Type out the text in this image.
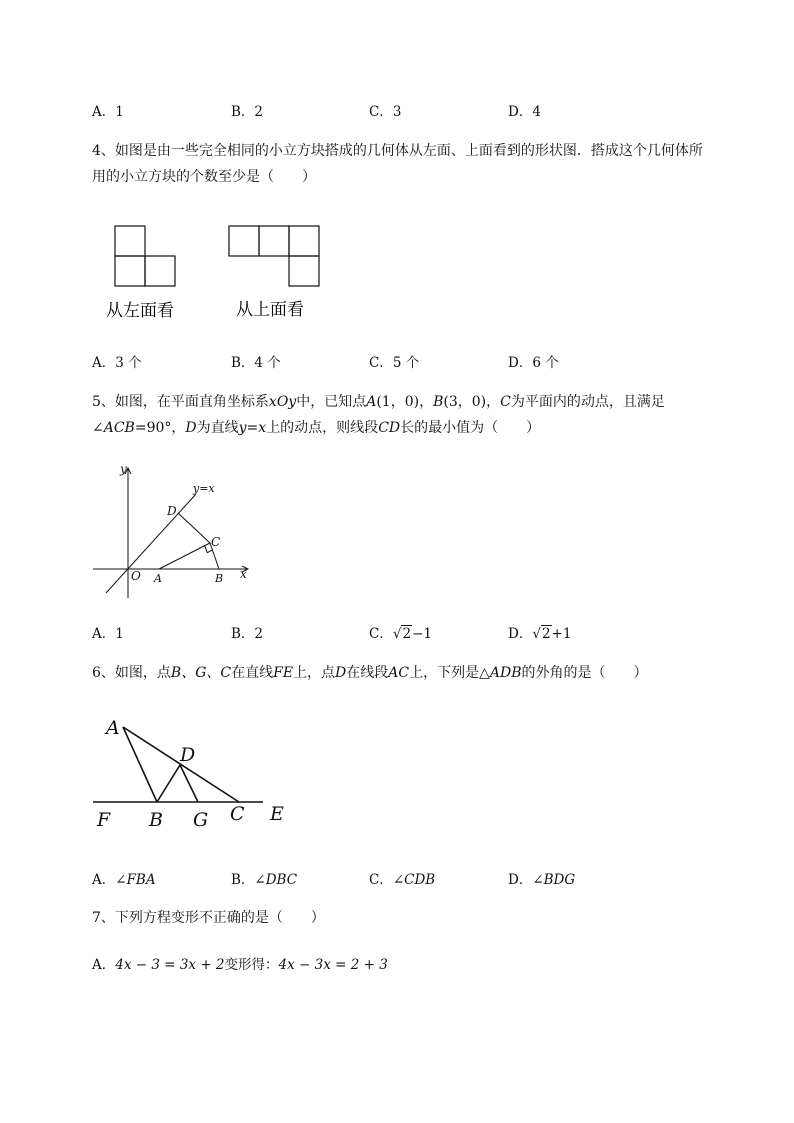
A．1	B．2	C．3	D．4

4、如图是由一些完全相同的小立方块搭成的几何体从左面、上面看到的形状图．搭成这个几何体所

用的小立方块的个数至少是（　　）

从左面看	从上面看
A．3 个	B．4 个	C．5 个	D．6 个

5、如图，在平面直角坐标系xOy中，已知点A(1，0)，B(3，0)，C为平面内的动点，且满足

∠ACB=90°，D为直线y=x上的动点，则线段CD长的最小值为（　　）

y
x
y=x
D
C
O A	B
A．1	B．2	C．√2−1	D．√2+1

6、如图，点B、G、C在直线FE上，点D在线段AC上，下列是△ADB的外角的是（　　）

A
D
F B G C E
A．∠FBA	B．∠DBC	C．∠CDB	D．∠BDG

7、下列方程变形不正确的是（　　）

A．4x − 3 = 3x + 2变形得：4x − 3x = 2 + 3
